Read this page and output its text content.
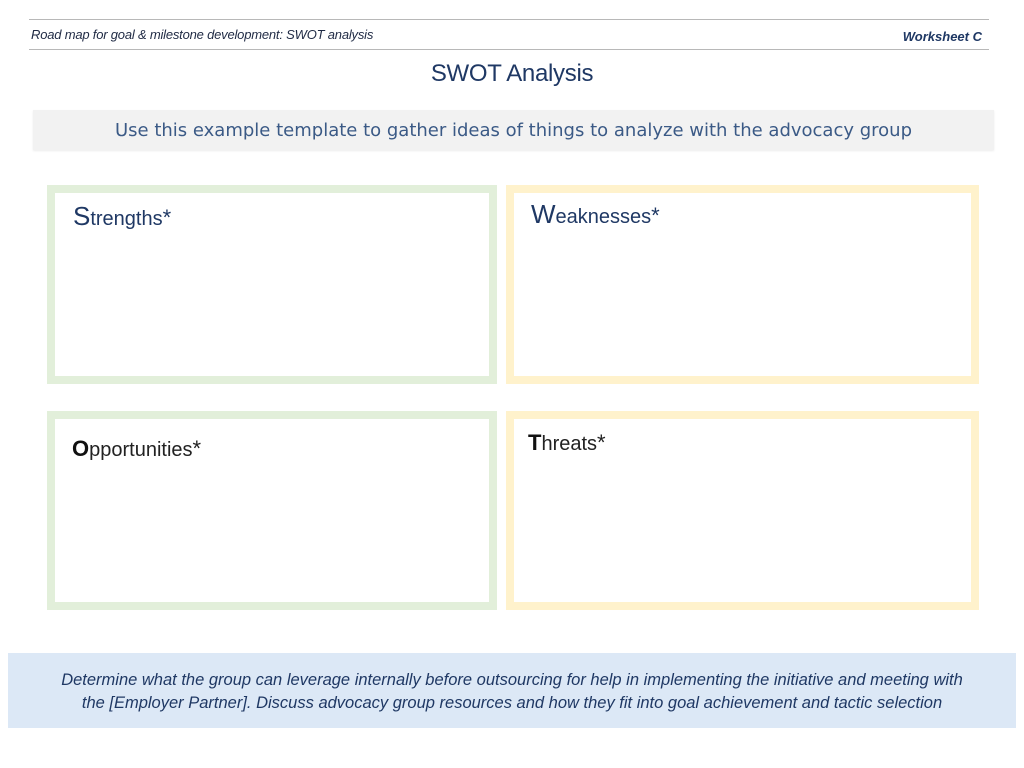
Road map for goal & milestone development: SWOT analysis	Worksheet C
SWOT Analysis
Use this example template to gather ideas of things to analyze with the advocacy group
Strengths*	Weaknesses*
Opportunities*	Threats*
Determine what the group can leverage internally before outsourcing for help in implementing the initiative and meeting with
the [Employer Partner]. Discuss advocacy group resources and how they fit into goal achievement and tactic selection
